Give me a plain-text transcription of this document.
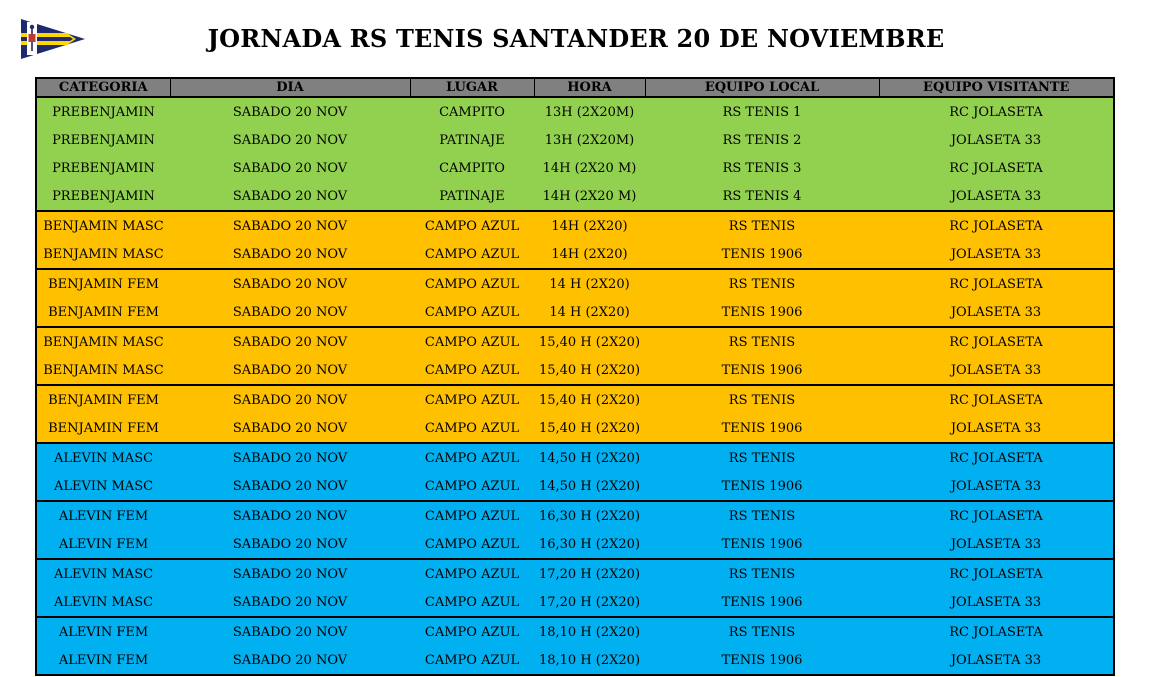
JORNADA RS TENIS SANTANDER 20 DE NOVIEMBRE
CATEGORIA	DIA	LUGAR	HORA	EQUIPO LOCAL	EQUIPO VISITANTE
PREBENJAMIN	SABADO 20 NOV	CAMPITO	13H (2X20M)	RS TENIS 1	RC JOLASETA
PREBENJAMIN	SABADO 20 NOV	PATINAJE	13H (2X20M)	RS TENIS 2	JOLASETA 33
PREBENJAMIN	SABADO 20 NOV	CAMPITO	14H (2X20 M)	RS TENIS 3	RC JOLASETA
PREBENJAMIN	SABADO 20 NOV	PATINAJE	14H (2X20 M)	RS TENIS 4	JOLASETA 33
BENJAMIN MASC	SABADO 20 NOV	CAMPO AZUL	14H (2X20)	RS TENIS	RC JOLASETA
BENJAMIN MASC	SABADO 20 NOV	CAMPO AZUL	14H (2X20)	TENIS 1906	JOLASETA 33
BENJAMIN FEM	SABADO 20 NOV	CAMPO AZUL	14 H (2X20)	RS TENIS	RC JOLASETA
BENJAMIN FEM	SABADO 20 NOV	CAMPO AZUL	14 H (2X20)	TENIS 1906	JOLASETA 33
BENJAMIN MASC	SABADO 20 NOV	CAMPO AZUL	15,40 H (2X20)	RS TENIS	RC JOLASETA
BENJAMIN MASC	SABADO 20 NOV	CAMPO AZUL	15,40 H (2X20)	TENIS 1906	JOLASETA 33
BENJAMIN FEM	SABADO 20 NOV	CAMPO AZUL	15,40 H (2X20)	RS TENIS	RC JOLASETA
BENJAMIN FEM	SABADO 20 NOV	CAMPO AZUL	15,40 H (2X20)	TENIS 1906	JOLASETA 33
ALEVIN MASC	SABADO 20 NOV	CAMPO AZUL	14,50 H (2X20)	RS TENIS	RC JOLASETA
ALEVIN MASC	SABADO 20 NOV	CAMPO AZUL	14,50 H (2X20)	TENIS 1906	JOLASETA 33
ALEVIN FEM	SABADO 20 NOV	CAMPO AZUL	16,30 H (2X20)	RS TENIS	RC JOLASETA
ALEVIN FEM	SABADO 20 NOV	CAMPO AZUL	16,30 H (2X20)	TENIS 1906	JOLASETA 33
ALEVIN MASC	SABADO 20 NOV	CAMPO AZUL	17,20 H (2X20)	RS TENIS	RC JOLASETA
ALEVIN MASC	SABADO 20 NOV	CAMPO AZUL	17,20 H (2X20)	TENIS 1906	JOLASETA 33
ALEVIN FEM	SABADO 20 NOV	CAMPO AZUL	18,10 H (2X20)	RS TENIS	RC JOLASETA
ALEVIN FEM	SABADO 20 NOV	CAMPO AZUL	18,10 H (2X20)	TENIS 1906	JOLASETA 33
